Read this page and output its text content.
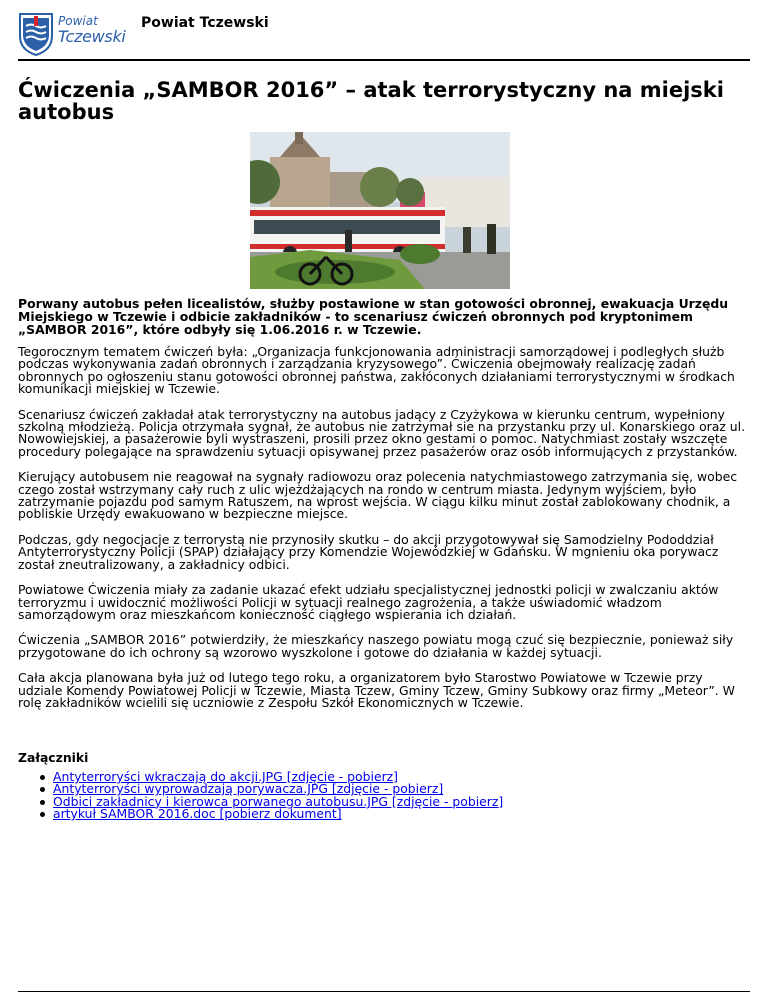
Powiat
Tczewski
Powiat Tczewski
Ćwiczenia „SAMBOR 2016” – atak terrorystyczny na miejski autobus

Porwany autobus pełen licealistów, służby postawione w stan gotowości obronnej, ewakuacja Urzędu Miejskiego w Tczewie i odbicie zakładników - to scenariusz ćwiczeń obronnych pod kryptonimem „SAMBOR 2016”, które odbyły się 1.06.2016 r. w Tczewie.

Tegorocznym tematem ćwiczeń była: „Organizacja funkcjonowania administracji samorządowej i podległych służb podczas wykonywania zadań obronnych i zarządzania kryzysowego”. Ćwiczenia obejmowały realizację zadań obronnych po ogłoszeniu stanu gotowości obronnej państwa, zakłóconych działaniami terrorystycznymi w środkach komunikacji miejskiej w Tczewie.

Scenariusz ćwiczeń zakładał atak terrorystyczny na autobus jadący z Czyżykowa w kierunku centrum, wypełniony szkolną młodzieżą. Policja otrzymała sygnał, że autobus nie zatrzymał sie na przystanku przy ul. Konarskiego oraz ul. Nowowiejskiej, a pasażerowie byli wystraszeni, prosili przez okno gestami o pomoc. Natychmiast zostały wszczęte procedury polegające na sprawdzeniu sytuacji opisywanej przez pasażerów oraz osób informujących z przystanków.

Kierujący autobusem nie reagował na sygnały radiowozu oraz polecenia natychmiastowego zatrzymania się, wobec czego został wstrzymany cały ruch z ulic wjeżdżających na rondo w centrum miasta. Jedynym wyjściem, było zatrzymanie pojazdu pod samym Ratuszem, na wprost wejścia. W ciągu kilku minut został zablokowany chodnik, a pobliskie Urzędy ewakuowano w bezpieczne miejsce.

Podczas, gdy negocjacje z terrorystą nie przynosiły skutku – do akcji przygotowywał się Samodzielny Pododdział Antyterrorystyczny Policji (SPAP) działający przy Komendzie Wojewódzkiej w Gdańsku. W mgnieniu oka porywacz został zneutralizowany, a zakładnicy odbici.

Powiatowe Ćwiczenia miały za zadanie ukazać efekt udziału specjalistycznej jednostki policji w zwalczaniu aktów terroryzmu i uwidocznić możliwości Policji w sytuacji realnego zagrożenia, a także uświadomić władzom samorządowym oraz mieszkańcom konieczność ciągłego wspierania ich działań.

Ćwiczenia „SAMBOR 2016” potwierdziły, że mieszkańcy naszego powiatu mogą czuć się bezpiecznie, ponieważ siły przygotowane do ich ochrony są wzorowo wyszkolone i gotowe do działania w każdej sytuacji.

Cała akcja planowana była już od lutego tego roku, a organizatorem było Starostwo Powiatowe w Tczewie przy udziale Komendy Powiatowej Policji w Tczewie, Miasta Tczew, Gminy Tczew, Gminy Subkowy oraz firmy „Meteor”. W rolę zakładników wcielili się uczniowie z Zespołu Szkół Ekonomicznych w Tczewie.

Załączniki
Antyterroryści wkraczają do akcji.JPG [zdjęcie - pobierz]
Antyterroryści wyprowadzają porywacza.JPG [zdjęcie - pobierz]
Odbici zakładnicy i kierowca porwanego autobusu.JPG [zdjęcie - pobierz]
artykuł SAMBOR 2016.doc [pobierz dokument]
